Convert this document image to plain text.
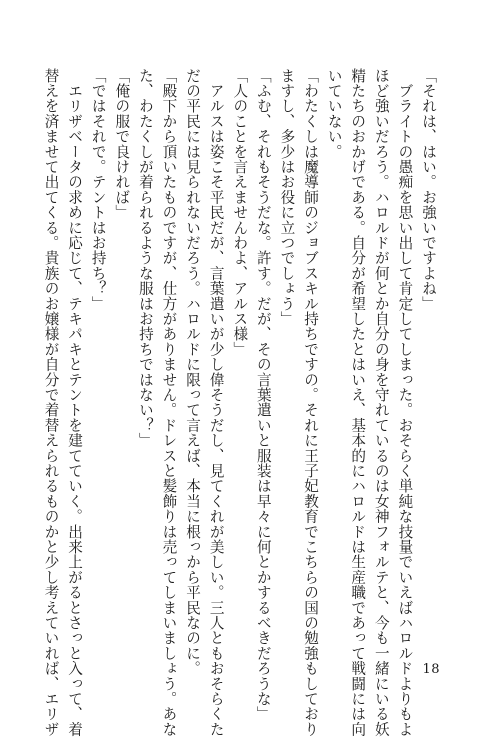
「それは、はい。お強いですよね」
　ブライトの愚痴を思い出して肯定してしまった。おそらく単純な技量でいえばハロルドよりもよ
ほど強いだろう。ハロルドが何とか自分の身を守れているのは女神フォルテと、今も一緒にいる妖
精たちのおかげである。自分が希望したとはいえ、基本的にハロルドは生産職であって戦闘には向
いていない。
「わたくしは魔導師のジョブスキル持ちですの。それに王子妃教育でこちらの国の勉強もしており
ますし、多少はお役に立つでしょう」
「ふむ、それもそうだな。許す。だが、その言葉遣いと服装は早々に何とかするべきだろうな」
「人のことを言えませんわよ、アルス様」
　アルスは姿こそ平民だが、言葉遣いが少し偉そうだし、見てくれが美しい。三人ともおそらくた
だの平民には見られないだろう。ハロルドに限って言えば、本当に根っから平民なのに。
「殿下から頂いたものですが、仕方がありません。ドレスと髪飾りは売ってしまいましょう。あな
た、わたくしが着られるような服はお持ちではない？」
「俺の服で良ければ」
「ではそれで。テントはお持ち？」
　エリザベータの求めに応じて、テキパキとテントを建てていく。出来上がるとさっと入って、着
替えを済ませて出てくる。貴族のお嬢様が自分で着替えられるものかと少し考えていれば、エリザ	18
